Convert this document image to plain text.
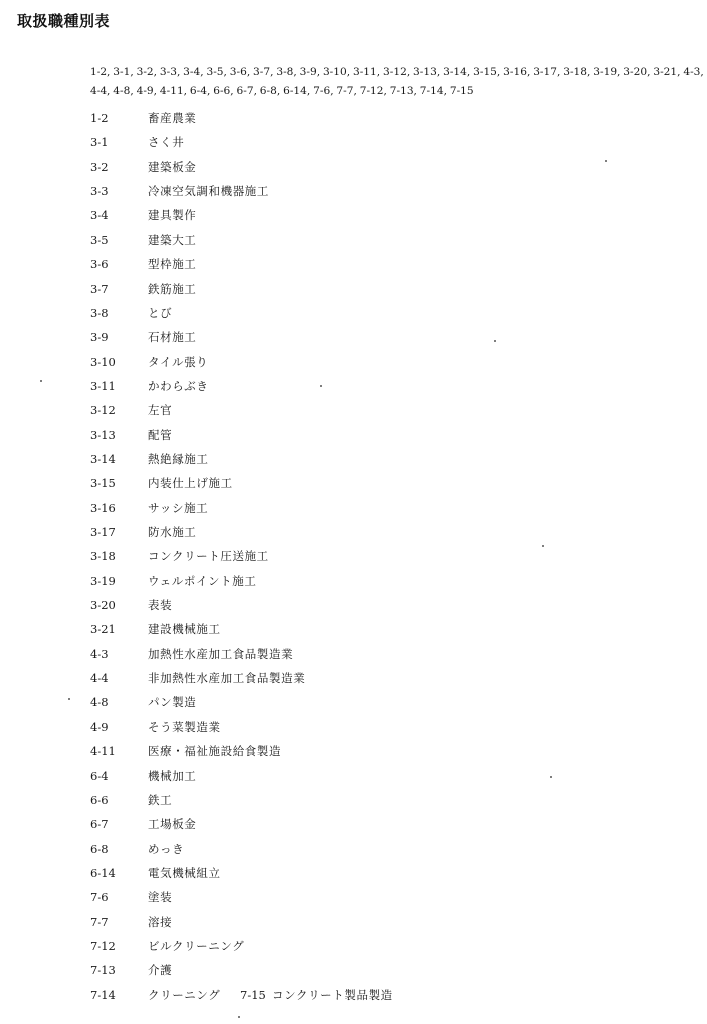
取扱職種別表
1-2, 3-1, 3-2, 3-3, 3-4, 3-5, 3-6, 3-7, 3-8, 3-9, 3-10, 3-11, 3-12, 3-13, 3-14, 3-15, 3-16, 3-17, 3-18, 3-19, 3-20, 3-21, 4-3,
4-4, 4-8, 4-9, 4-11, 6-4, 6-6, 6-7, 6-8, 6-14, 7-6, 7-7, 7-12, 7-13, 7-14, 7-15
1-2	畜産農業
3-1	さく井
3-2	建築板金
3-3	冷凍空気調和機器施工
3-4	建具製作
3-5	建築大工
3-6	型枠施工
3-7	鉄筋施工
3-8	とび
3-9	石材施工
3-10	タイル張り
3-11	かわらぶき
3-12	左官
3-13	配管
3-14	熱絶縁施工
3-15	内装仕上げ施工
3-16	サッシ施工
3-17	防水施工
3-18	コンクリート圧送施工
3-19	ウェルポイント施工
3-20	表装
3-21	建設機械施工
4-3	加熱性水産加工食品製造業
4-4	非加熱性水産加工食品製造業
4-8	パン製造
4-9	そう菜製造業
4-11	医療・福祉施設給食製造
6-4	機械加工
6-6	鉄工
6-7	工場板金
6-8	めっき
6-14	電気機械組立
7-6	塗装
7-7	溶接
7-12	ビルクリーニング
7-13	介護
7-14	クリーニング 7-15 コンクリート製品製造
